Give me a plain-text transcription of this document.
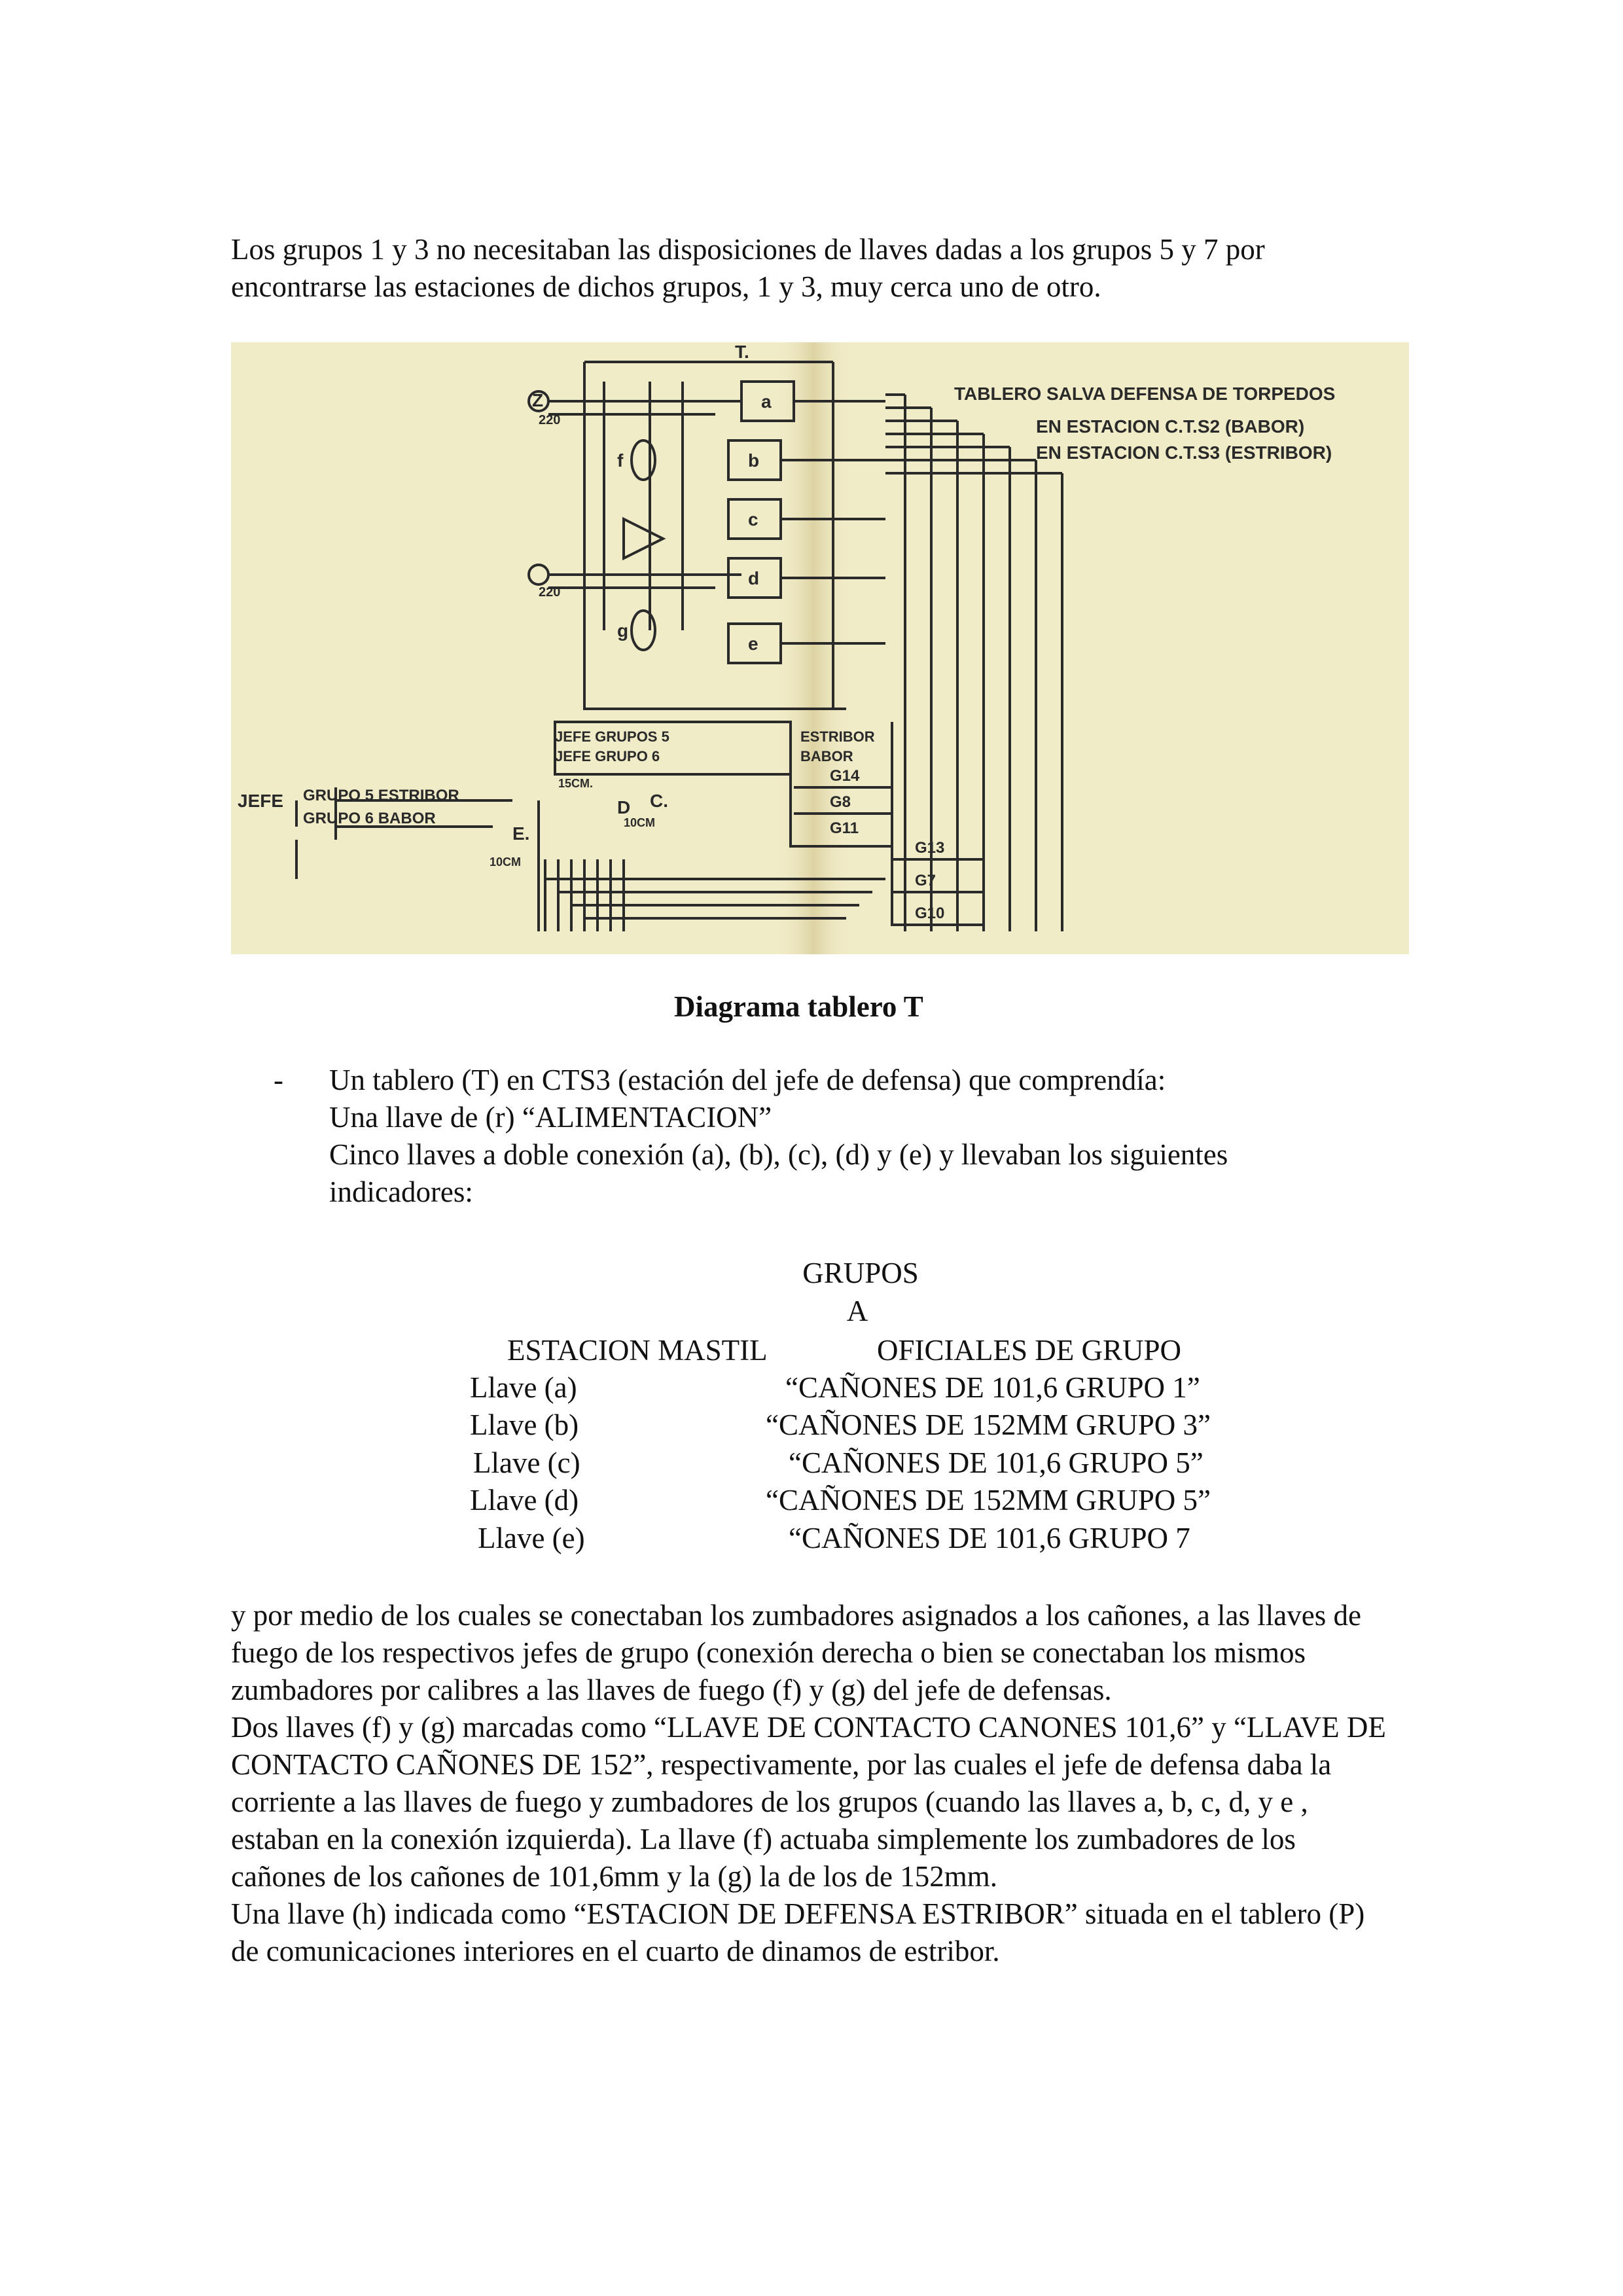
Los grupos 1 y 3 no necesitaban las disposiciones de llaves dadas a los grupos 5 y 7 por
encontrarse las estaciones de dichos grupos, 1 y 3, muy cerca uno de otro.
T.
TABLERO SALVA DEFENSA DE TORPEDOS
EN ESTACION C.T.S2 (BABOR)
EN ESTACION C.T.S3 (ESTRIBOR)
Z
220
220
f
g
a
b
c
d
e
JEFE GRUPOS 5
JEFE GRUPO 6
ESTRIBOR
BABOR
15CM.
D C.
10CM
E.
10CM
JEFE GRUPO 5 ESTRIBOR
GRUPO 6 BABOR
G14
G8
G11
G13
G7
G10
Diagrama tablero T
- Un tablero (T) en CTS3 (estación del jefe de defensa) que comprendía:
Una llave de (r) “ALIMENTACION”
Cinco llaves a doble conexión (a), (b), (c), (d) y (e) y llevaban los siguientes
indicadores:
GRUPOS
A
ESTACION MASTIL	OFICIALES DE GRUPO
Llave (a)	“CAÑONES DE 101,6 GRUPO 1”
Llave (b)	“CAÑONES DE 152MM GRUPO 3”
Llave (c)	“CAÑONES DE 101,6 GRUPO 5”
Llave (d)	“CAÑONES DE 152MM GRUPO 5”
Llave (e)	“CAÑONES DE 101,6 GRUPO 7

y por medio de los cuales se conectaban los zumbadores asignados a los cañones, a las llaves de fuego de los respectivos jefes de grupo (conexión derecha o bien se conectaban los mismos zumbadores por calibres a las llaves de fuego (f) y (g) del jefe de defensas.

Dos llaves (f) y (g) marcadas como “LLAVE DE CONTACTO CANONES 101,6” y “LLAVE DE CONTACTO CAÑONES DE 152”, respectivamente, por las cuales el jefe de defensa daba la corriente a las llaves de fuego y zumbadores de los grupos (cuando las llaves a, b, c, d, y e , estaban en la conexión izquierda). La llave (f) actuaba simplemente los zumbadores de los cañones de los cañones de 101,6mm y la (g) la de los de 152mm.

Una llave (h) indicada como “ESTACION DE DEFENSA ESTRIBOR” situada en el tablero (P) de comunicaciones interiores en el cuarto de dinamos de estribor.
